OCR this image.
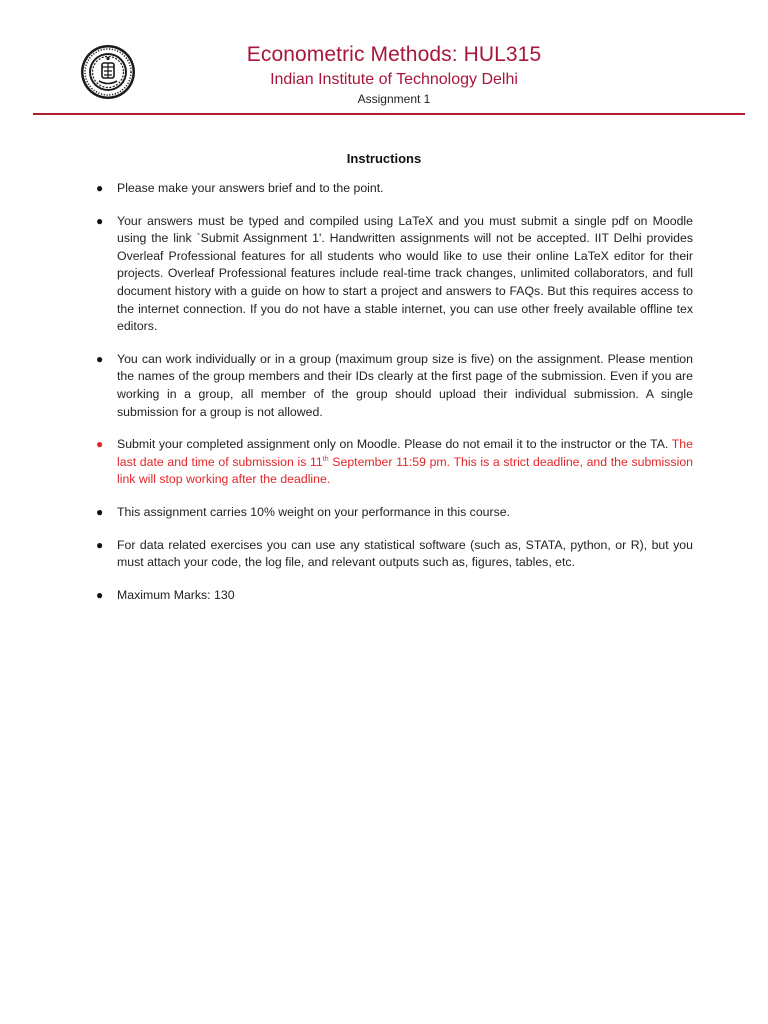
Econometric Methods: HUL315
Indian Institute of Technology Delhi
Assignment 1
Instructions
● Please make your answers brief and to the point.
● Your answers must be typed and compiled using LaTeX and you must submit a single pdf on Moodle using the link `Submit Assignment 1'. Handwritten assignments will not be accepted. IIT Delhi provides Overleaf Professional features for all students who would like to use their online LaTeX editor for their projects. Overleaf Professional features include real-time track changes, unlimited collaborators, and full document history with a guide on how to start a project and answers to FAQs. But this requires access to the internet connection. If you do not have a stable internet, you can use other freely available offline tex editors.
● You can work individually or in a group (maximum group size is five) on the assignment. Please mention the names of the group members and their IDs clearly at the first page of the submission. Even if you are working in a group, all member of the group should upload their individual submission. A single submission for a group is not allowed.
● Submit your completed assignment only on Moodle. Please do not email it to the instructor or the TA. The last date and time of submission is 11th September 11:59 pm. This is a strict deadline, and the submission link will stop working after the deadline.
● This assignment carries 10% weight on your performance in this course.
● For data related exercises you can use any statistical software (such as, STATA, python, or R), but you must attach your code, the log file, and relevant outputs such as, figures, tables, etc.
● Maximum Marks: 130
